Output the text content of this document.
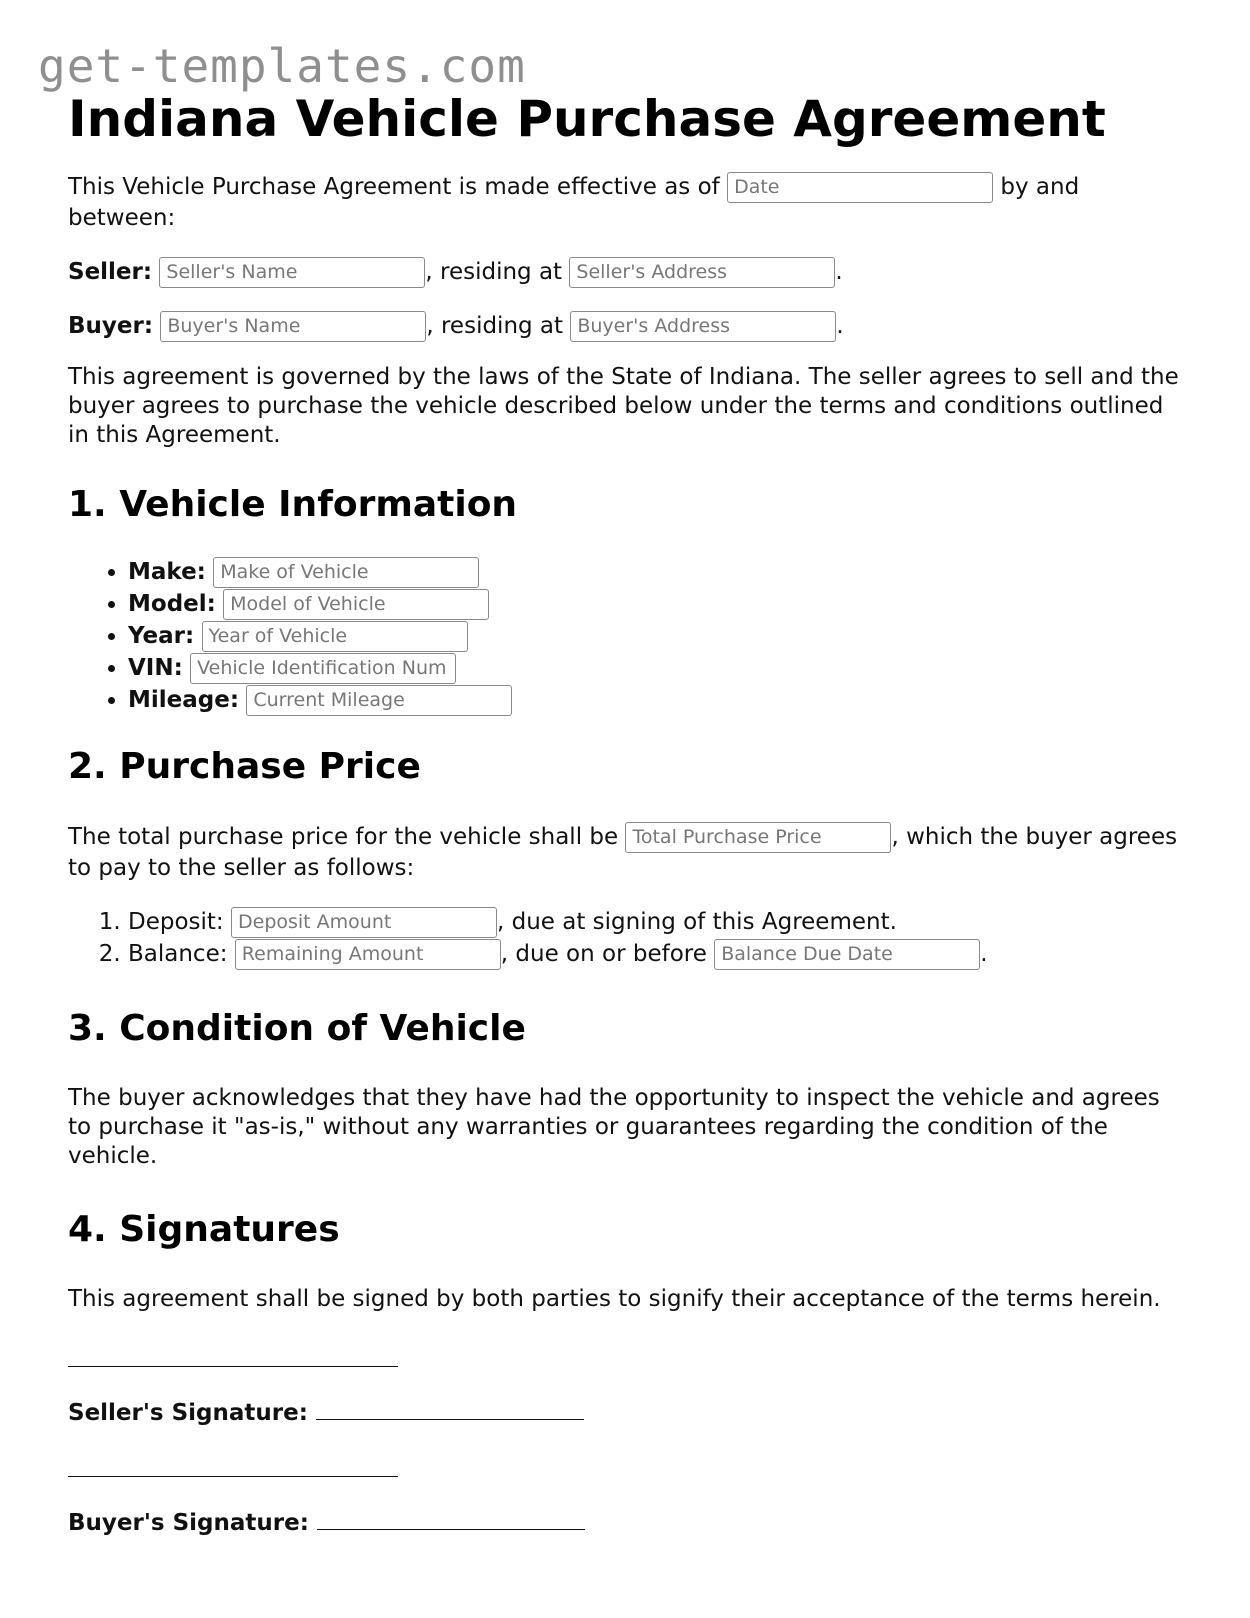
get-templates.com

Indiana Vehicle Purchase Agreement

This Vehicle Purchase Agreement is made effective as of Date	by and between:

Seller: Seller's Name	, residing at Seller's Address	.

Buyer: Buyer's Name	, residing at Buyer's Address	.

This agreement is governed by the laws of the State of Indiana. The seller agrees to sell and the buyer agrees to purchase the vehicle described below under the terms and conditions outlined in this Agreement.

1. Vehicle Information
• Make: Make of Vehicle
• Model: Model of Vehicle
• Year: Year of Vehicle
• VIN: Vehicle Identification Num
• Mileage: Current Mileage
2. Purchase Price

The total purchase price for the vehicle shall be Total Purchase Price	, which the buyer agrees to pay to the seller as follows:

1. Deposit: Deposit Amount	, due at signing of this Agreement.
2. Balance: Remaining Amount	, due on or before Balance Due Date	.
3. Condition of Vehicle

The buyer acknowledges that they have had the opportunity to inspect the vehicle and agrees to purchase it "as-is," without any warranties or guarantees regarding the condition of the vehicle.

4. Signatures

This agreement shall be signed by both parties to signify their acceptance of the terms herein.

Seller's Signature:
Buyer's Signature:
